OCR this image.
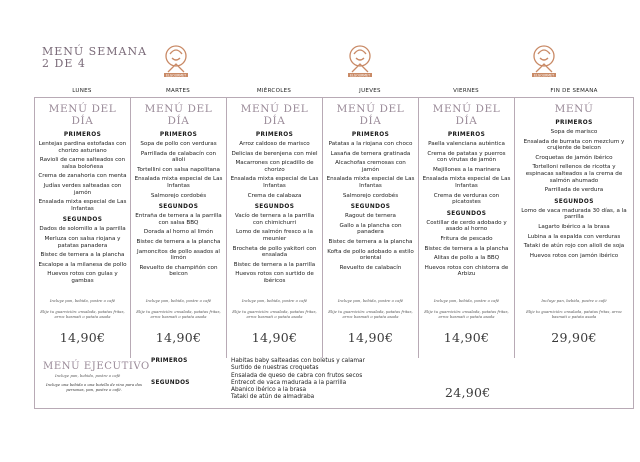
MENÚ SEMANA
2 DE 4
ELGOURMET	ELGOURMET	ELGOURMET
LUNES	MARTES	MIÉRCOLES	JUEVES	VIERNES	FIN DE SEMANA
MENÚ DEL DÍA
PRIMEROS
Lentejas pardina estofadas con chorizo asturiano
Ravioli de carne salteados con salsa boloñesa
Crema de zanahoria con menta
Judías verdes salteadas con jamón
Ensalada mixta especial de Las Infantas
SEGUNDOS
Dados de solomillo a la parrilla
Merluza con salsa riojana y patatas panadera
Bistec de ternera a la plancha
Escalope a la milanesa de pollo
Huevos rotos con gulas y gambas
Incluye pan, bebida, postre o café
Elije tu guarnición: ensalada, patatas fritas, arroz basmati o patata asada
14,90€
MENÚ DEL DÍA
PRIMEROS
Sopa de pollo con verduras
Parrillada de calabacín con alioli
Tortellini con salsa napolitana
Ensalada mixta especial de Las Infantas
Salmorejo cordobés
SEGUNDOS
Entraña de ternera a la parrilla con salsa BBQ
Dorada al horno al limón
Bistec de ternera a la plancha
Jamoncitos de pollo asados al limón
Revuelto de champiñón con beicon
Incluye pan, bebida, postre o café
Elije tu guarnición: ensalada, patatas fritas, arroz basmati o patata asada
14,90€
MENÚ DEL DÍA
PRIMEROS
Arroz caldoso de marisco
Delicias de berenjena con miel
Macarrones con picadillo de chorizo
Ensalada mixta especial de Las Infantas
Crema de calabaza
SEGUNDOS
Vacío de ternera a la parrilla con chimichurri
Lomo de salmón fresco a la meunier
Brocheta de pollo yakitori con ensalada
Bistec de ternera a la parrilla
Huevos rotos con surtido de ibéricos
Incluye pan, bebida, postre o café
Elije tu guarnición: ensalada, patatas fritas, arroz basmati o patata asada
14,90€
MENÚ DEL DÍA
PRIMEROS
Patatas a la riojana con choco
Lasaña de ternera gratinada
Alcachofas cremosas con jamón
Ensalada mixta especial de Las Infantas
Salmorejo cordobés
SEGUNDOS
Ragout de ternera
Gallo a la plancha con panadera
Bistec de ternera a la plancha
Kofta de pollo adobado a estilo oriental
Revuelto de calabacín
Incluye pan, bebida, postre o café
Elije tu guarnición: ensalada, patatas fritas, arroz basmati o patata asada
14,90€
MENÚ DEL DÍA
PRIMEROS
Paella valenciana auténtica
Crema de patatas y puerros con virutas de jamón
Mejillones a la marinera
Ensalada mixta especial de Las Infantas
Crema de verduras con picatostes
SEGUNDOS
Costillar de cerdo adobado y asado al horno
Fritura de pescado
Bistec de ternera a la plancha
Alitas de pollo a la BBQ
Huevos rotos con chistorra de Arbizu
Incluye pan, bebida, postre o café
Elije tu guarnición: ensalada, patatas fritas, arroz basmati o patata asada
14,90€
MENÚ
PRIMEROS
Sopa de marisco
Ensalada de burrata con mezclum y crujiente de beicon
Croquetas de jamón ibérico
Tortelloni rellenos de ricotta y espinacas salteados a la crema de salmón ahumado
Parrillada de verdura
SEGUNDOS
Lomo de vaca madurada 30 días, a la parrilla
Lagarto ibérico a la brasa
Lubina a la espalda con verduras
Tataki de atún rojo con alioli de soja
Huevos rotos con jamón ibérico
Incluye pan, bebida, postre o café
Elije tu guarnición: ensalada, patatas fritas, arroz basmati o patata asada
29,90€
MENÚ EJECUTIVO
Incluye pan, bebida, postre o café
Incluye una bebida o una botella de vino para dos personas, pan, postre o café.
PRIMEROS
SEGUNDOS
Habitas baby salteadas con boletus y calamar
Surtido de nuestras croquetas
Ensalada de queso de cabra con frutos secos
Entrecot de vaca madurada a la parrilla
Abanico ibérico a la brasa
Tataki de atún de almadraba	24,90€
